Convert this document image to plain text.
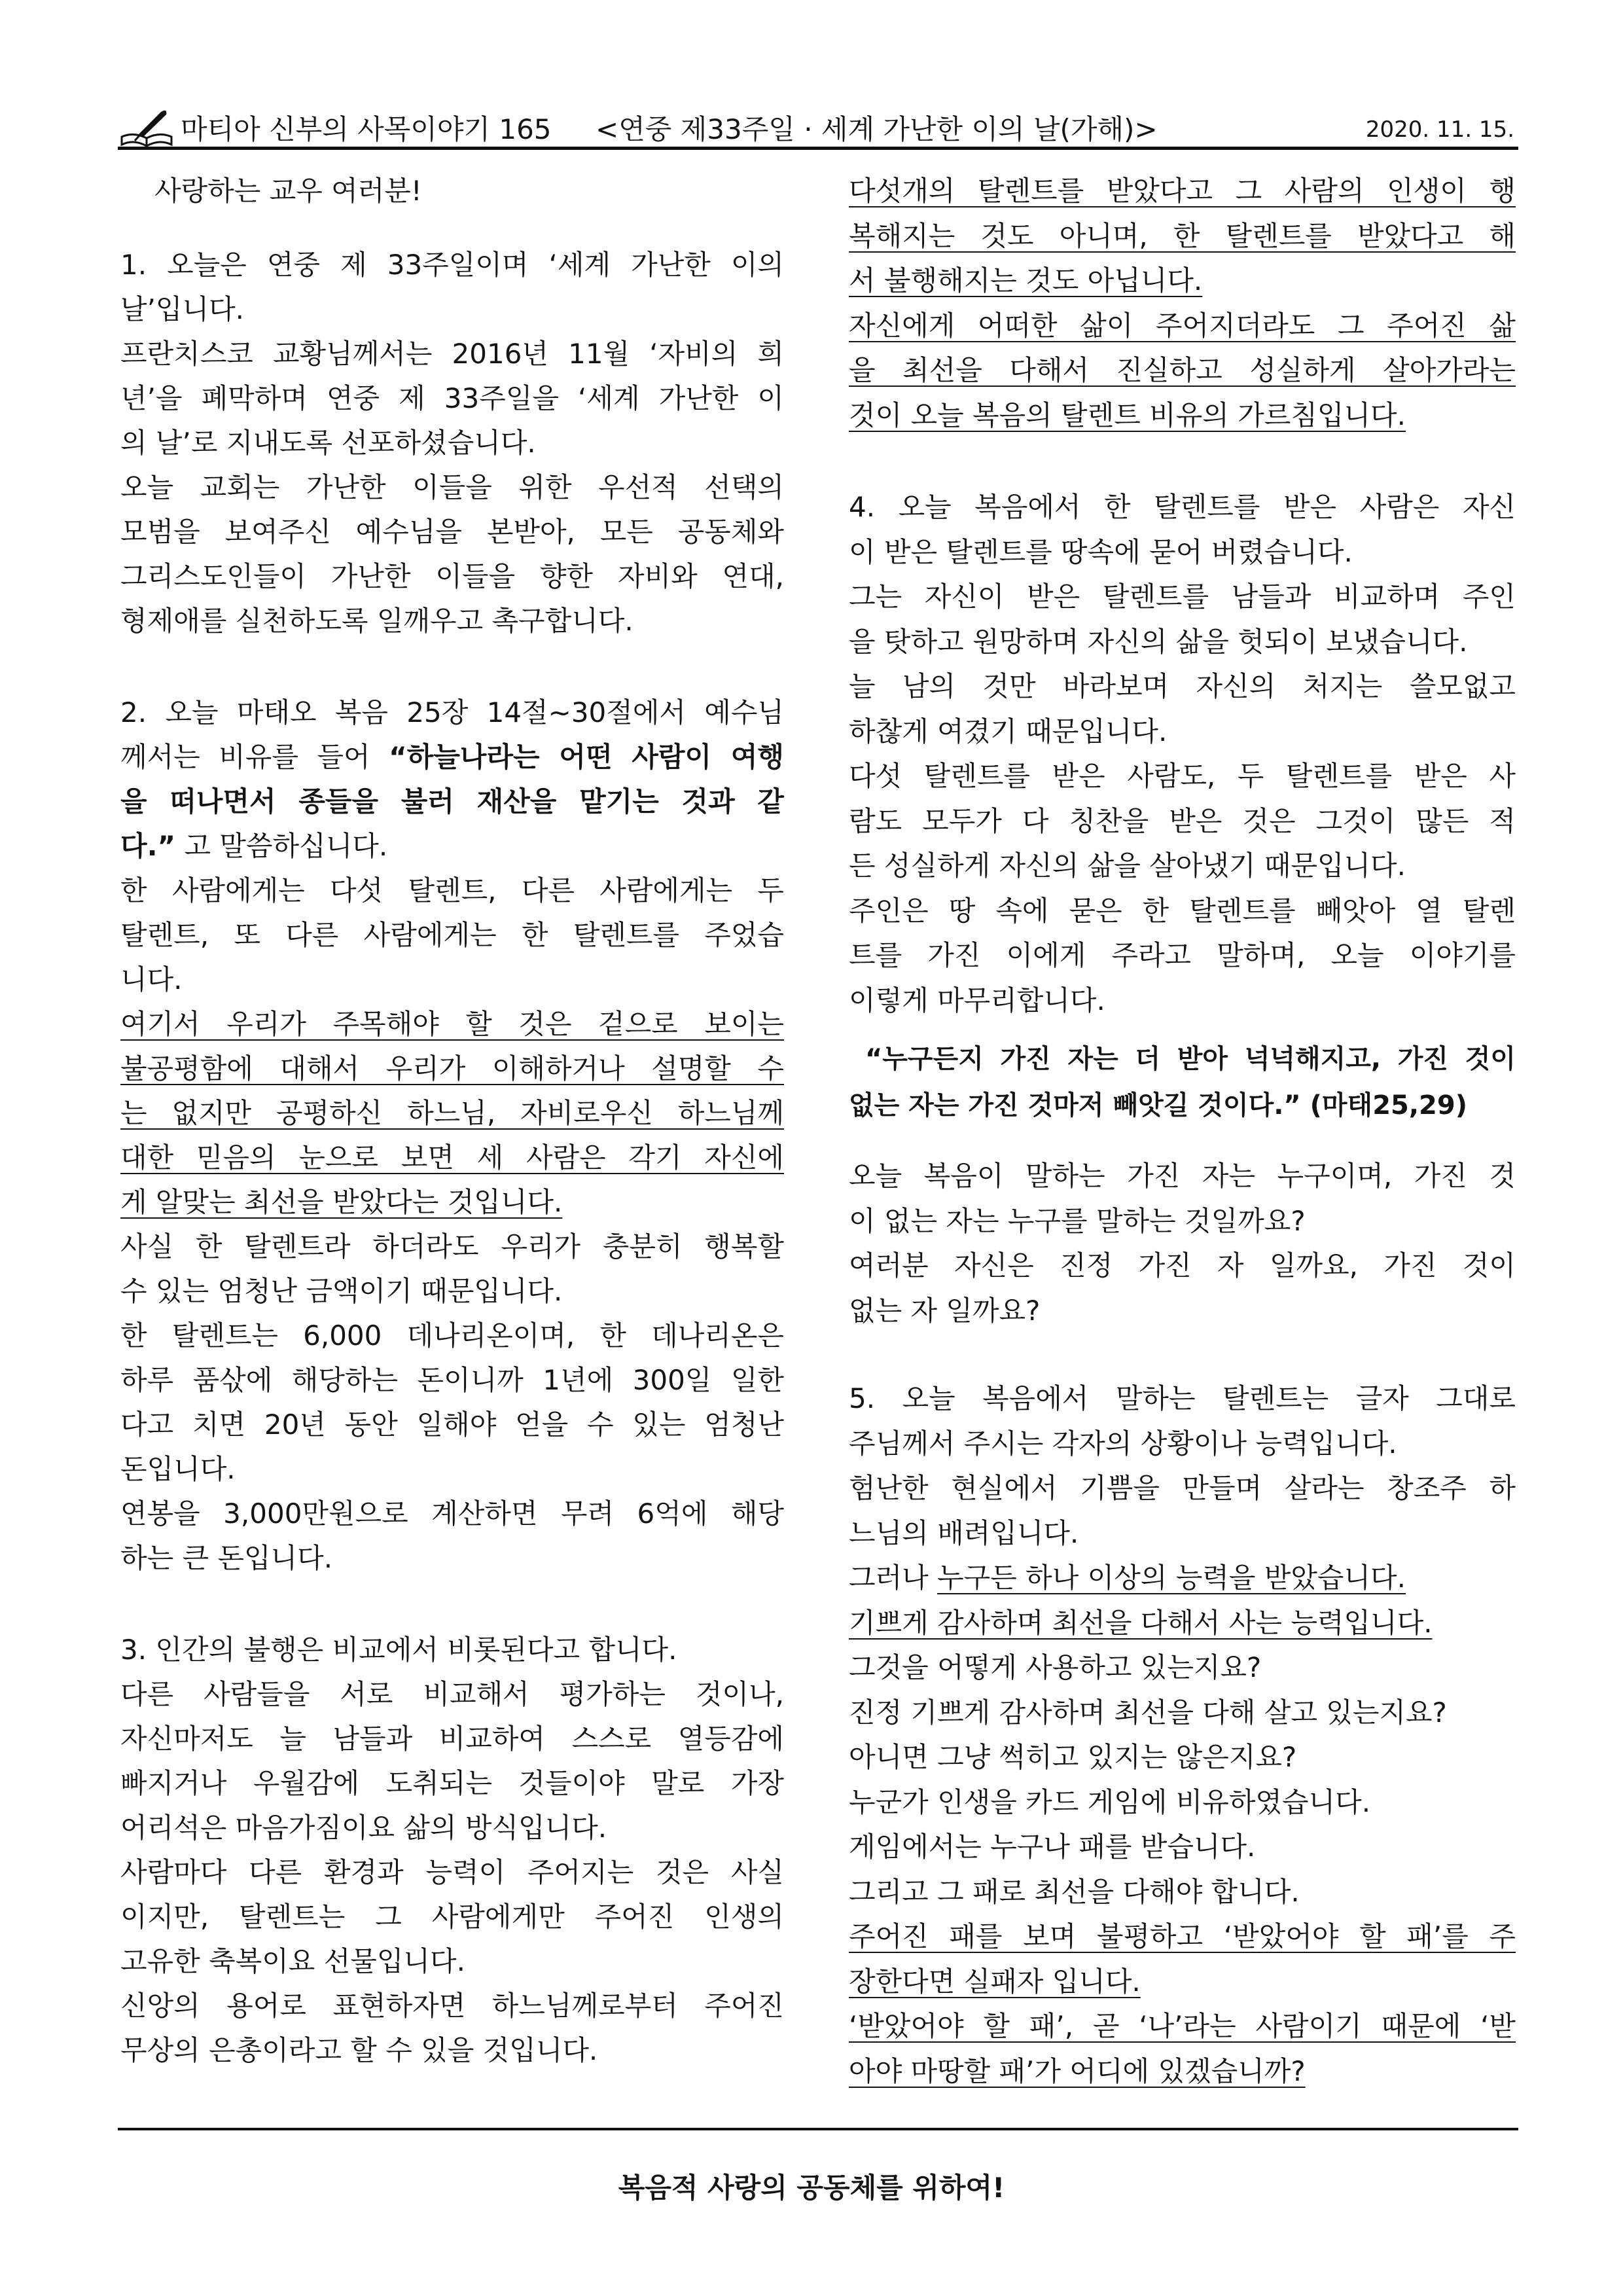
마티아 신부의 사목이야기 165 <연중 제33주일 · 세계 가난한 이의 날(가해)>	2020. 11. 15.
사랑하는 교우 여러분!
1. 오늘은 연중 제 33주일이며 ‘세계 가난한 이의
날’입니다.
프란치스코 교황님께서는 2016년 11월 ‘자비의 희
년’을 폐막하며 연중 제 33주일을 ‘세계 가난한 이
의 날’로 지내도록 선포하셨습니다.
오늘 교회는 가난한 이들을 위한 우선적 선택의
모범을 보여주신 예수님을 본받아, 모든 공동체와
그리스도인들이 가난한 이들을 향한 자비와 연대,
형제애를 실천하도록 일깨우고 촉구합니다.
2. 오늘 마태오 복음 25장 14절~30절에서 예수님
께서는 비유를 들어 “하늘나라는 어떤 사람이 여행
을 떠나면서 종들을 불러 재산을 맡기는 것과 같
다.” 고 말씀하십니다.
한 사람에게는 다섯 탈렌트, 다른 사람에게는 두
탈렌트, 또 다른 사람에게는 한 탈렌트를 주었습
니다.
여기서 우리가 주목해야 할 것은 겉으로 보이는
불공평함에 대해서 우리가 이해하거나 설명할 수
는 없지만 공평하신 하느님, 자비로우신 하느님께
대한 믿음의 눈으로 보면 세 사람은 각기 자신에
게 알맞는 최선을 받았다는 것입니다.
사실 한 탈렌트라 하더라도 우리가 충분히 행복할
수 있는 엄청난 금액이기 때문입니다.
한 탈렌트는 6,000 데나리온이며, 한 데나리온은
하루 품삯에 해당하는 돈이니까 1년에 300일 일한
다고 치면 20년 동안 일해야 얻을 수 있는 엄청난
돈입니다.
연봉을 3,000만원으로 계산하면 무려 6억에 해당
하는 큰 돈입니다.
3. 인간의 불행은 비교에서 비롯된다고 합니다.
다른 사람들을 서로 비교해서 평가하는 것이나,
자신마저도 늘 남들과 비교하여 스스로 열등감에
빠지거나 우월감에 도취되는 것들이야 말로 가장
어리석은 마음가짐이요 삶의 방식입니다.
사람마다 다른 환경과 능력이 주어지는 것은 사실
이지만, 탈렌트는 그 사람에게만 주어진 인생의
고유한 축복이요 선물입니다.
신앙의 용어로 표현하자면 하느님께로부터 주어진
무상의 은총이라고 할 수 있을 것입니다.
다섯개의 탈렌트를 받았다고 그 사람의 인생이 행
복해지는 것도 아니며, 한 탈렌트를 받았다고 해
서 불행해지는 것도 아닙니다.
자신에게 어떠한 삶이 주어지더라도 그 주어진 삶
을 최선을 다해서 진실하고 성실하게 살아가라는
것이 오늘 복음의 탈렌트 비유의 가르침입니다.
4. 오늘 복음에서 한 탈렌트를 받은 사람은 자신
이 받은 탈렌트를 땅속에 묻어 버렸습니다.
그는 자신이 받은 탈렌트를 남들과 비교하며 주인
을 탓하고 원망하며 자신의 삶을 헛되이 보냈습니다.
늘 남의 것만 바라보며 자신의 처지는 쓸모없고
하찮게 여겼기 때문입니다.
다섯 탈렌트를 받은 사람도, 두 탈렌트를 받은 사
람도 모두가 다 칭찬을 받은 것은 그것이 많든 적
든 성실하게 자신의 삶을 살아냈기 때문입니다.
주인은 땅 속에 묻은 한 탈렌트를 빼앗아 열 탈렌
트를 가진 이에게 주라고 말하며, 오늘 이야기를
이렇게 마무리합니다.
“누구든지 가진 자는 더 받아 넉넉해지고, 가진 것이
없는 자는 가진 것마저 빼앗길 것이다.” (마태25,29)
오늘 복음이 말하는 가진 자는 누구이며, 가진 것
이 없는 자는 누구를 말하는 것일까요?
여러분 자신은 진정 가진 자 일까요, 가진 것이
없는 자 일까요?
5. 오늘 복음에서 말하는 탈렌트는 글자 그대로
주님께서 주시는 각자의 상황이나 능력입니다.
험난한 현실에서 기쁨을 만들며 살라는 창조주 하
느님의 배려입니다.
그러나 누구든 하나 이상의 능력을 받았습니다.
기쁘게 감사하며 최선을 다해서 사는 능력입니다.
그것을 어떻게 사용하고 있는지요?
진정 기쁘게 감사하며 최선을 다해 살고 있는지요?
아니면 그냥 썩히고 있지는 않은지요?
누군가 인생을 카드 게임에 비유하였습니다.
게임에서는 누구나 패를 받습니다.
그리고 그 패로 최선을 다해야 합니다.
주어진 패를 보며 불평하고 ‘받았어야 할 패’를 주
장한다면 실패자 입니다.
‘받았어야 할 패’, 곧 ‘나’라는 사람이기 때문에 ‘받
아야 마땅할 패’가 어디에 있겠습니까?
복음적 사랑의 공동체를 위하여!
